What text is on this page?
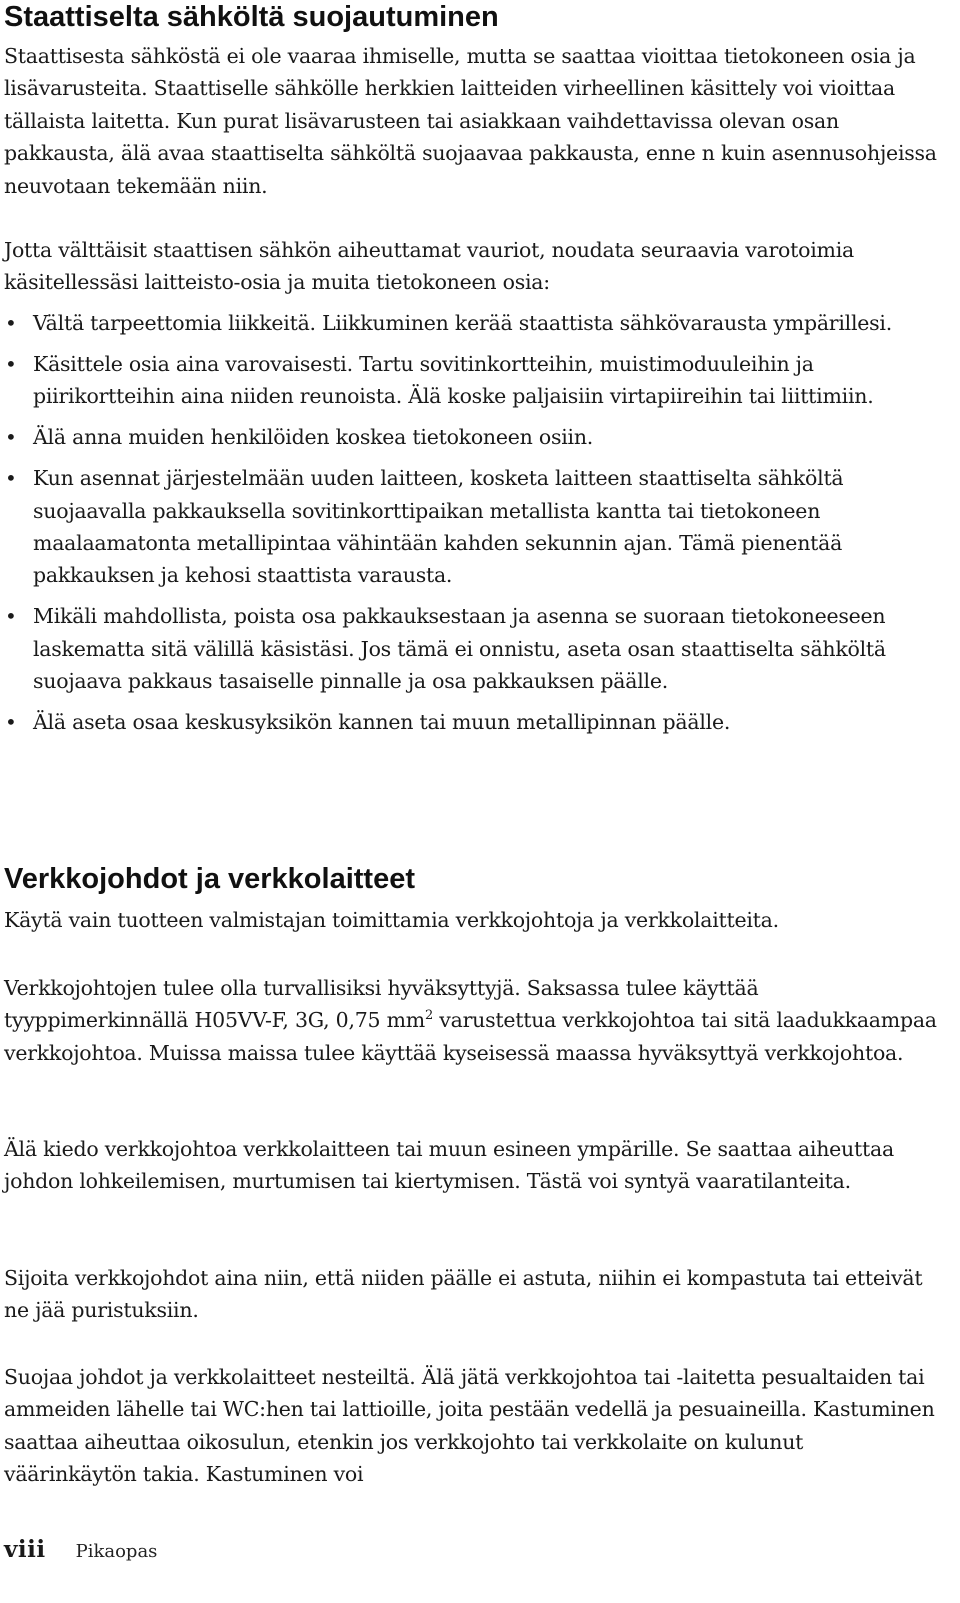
Staattiselta sähköltä suojautuminen

Staattisesta sähköstä ei ole vaaraa ihmiselle, mutta se saattaa vioittaa tietokoneen osia ja lisävarusteita. Staattiselle sähkölle herkkien laitteiden virheellinen käsittely voi vioittaa tällaista laitetta. Kun purat lisävarusteen tai asiakkaan vaihdettavissa olevan osan pakkausta, älä avaa staattiselta sähköltä suojaavaa pakkausta, enne n kuin asennusohjeissa neuvotaan tekemään niin.

Jotta välttäisit staattisen sähkön aiheuttamat vauriot, noudata seuraavia varotoimia käsitellessäsi laitteisto-osia ja muita tietokoneen osia:

• Vältä tarpeettomia liikkeitä. Liikkuminen kerää staattista sähkövarausta ympärillesi.
• Käsittele osia aina varovaisesti. Tartu sovitinkortteihin, muistimoduuleihin ja piirikortteihin aina niiden reunoista. Älä koske paljaisiin virtapiireihin tai liittimiin.
• Älä anna muiden henkilöiden koskea tietokoneen osiin.
• Kun asennat järjestelmään uuden laitteen, kosketa laitteen staattiselta sähköltä suojaavalla pakkauksella sovitinkorttipaikan metallista kantta tai tietokoneen maalaamatonta metallipintaa vähintään kahden sekunnin ajan. Tämä pienentää pakkauksen ja kehosi staattista varausta.
• Mikäli mahdollista, poista osa pakkauksestaan ja asenna se suoraan tietokoneeseen laskematta sitä välillä käsistäsi. Jos tämä ei onnistu, aseta osan staattiselta sähköltä suojaava pakkaus tasaiselle pinnalle ja osa pakkauksen päälle.
• Älä aseta osaa keskusyksikön kannen tai muun metallipinnan päälle.
Verkkojohdot ja verkkolaitteet

Käytä vain tuotteen valmistajan toimittamia verkkojohtoja ja verkkolaitteita.

Verkkojohtojen tulee olla turvallisiksi hyväksyttyjä. Saksassa tulee käyttää tyyppimerkinnällä H05VV-F, 3G, 0,75 $mm^2$ varustettua verkkojohtoa tai sitä laadukkaampaa verkkojohtoa. Muissa maissa tulee käyttää kyseisessä maassa hyväksyttyä verkkojohtoa.

Älä kiedo verkkojohtoa verkkolaitteen tai muun esineen ympärille. Se saattaa aiheuttaa johdon lohkeilemisen, murtumisen tai kiertymisen. Tästä voi syntyä vaaratilanteita.

Sijoita verkkojohdot aina niin, että niiden päälle ei astuta, niihin ei kompastuta tai etteivät ne jää puristuksiin.

Suojaa johdot ja verkkolaitteet nesteiltä. Älä jätä verkkojohtoa tai -laitetta pesualtaiden tai ammeiden lähelle tai WC:hen tai lattioille, joita pestään vedellä ja pesuaineilla. Kastuminen saattaa aiheuttaa oikosulun, etenkin jos verkkojohto tai verkkolaite on kulunut väärinkäytön takia. Kastuminen voi

viii Pikaopas
